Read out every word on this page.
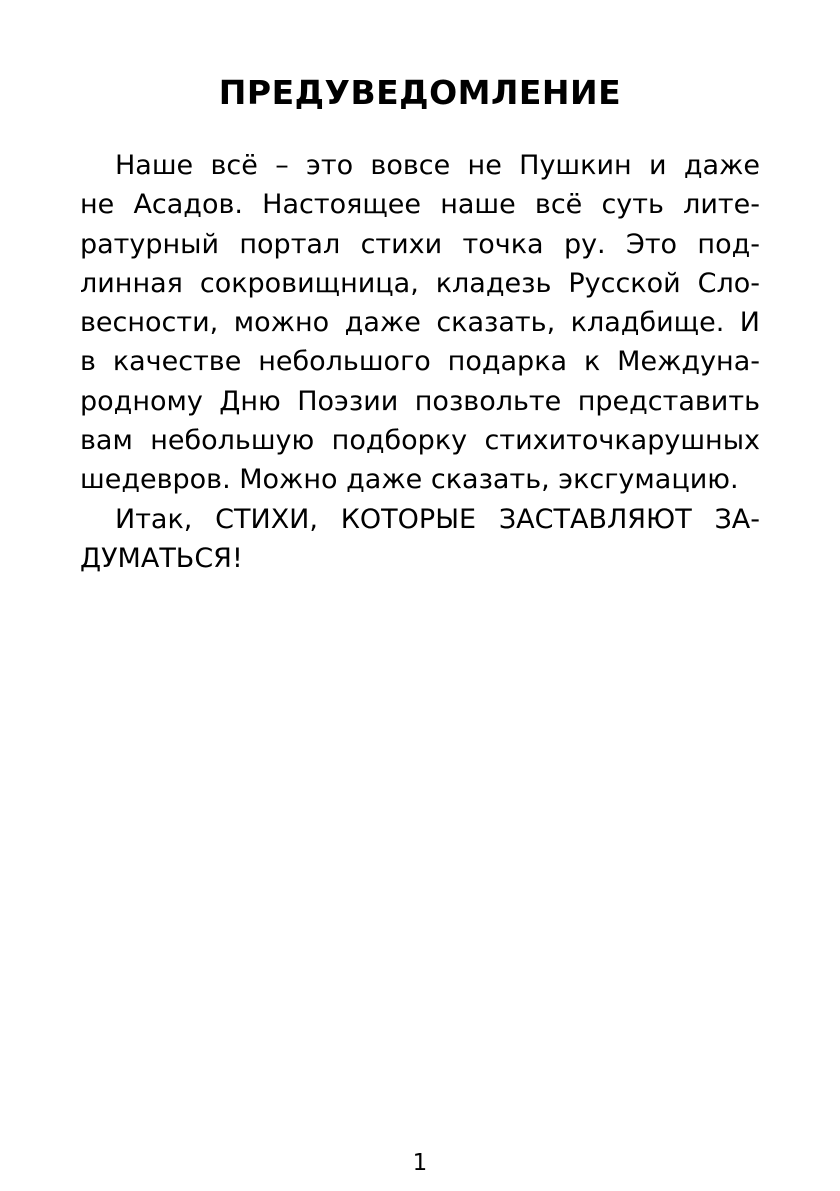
ПРЕДУВЕДОМЛЕНИЕ
Наше всё – это вовсе не Пушкин и даже
не Асадов. Настоящее наше всё суть лите-
ратурный портал стихи точка ру. Это под-
линная сокровищница, кладезь Русской Сло-
весности, можно даже сказать, кладбище. И
в качестве небольшого подарка к Междуна-
родному Дню Поэзии позвольте представить
вам небольшую подборку стихиточкарушных
шедевров. Можно даже сказать, эксгумацию.
Итак, СТИХИ, КОТОРЫЕ ЗАСТАВЛЯЮТ ЗА-
ДУМАТЬСЯ!
1
